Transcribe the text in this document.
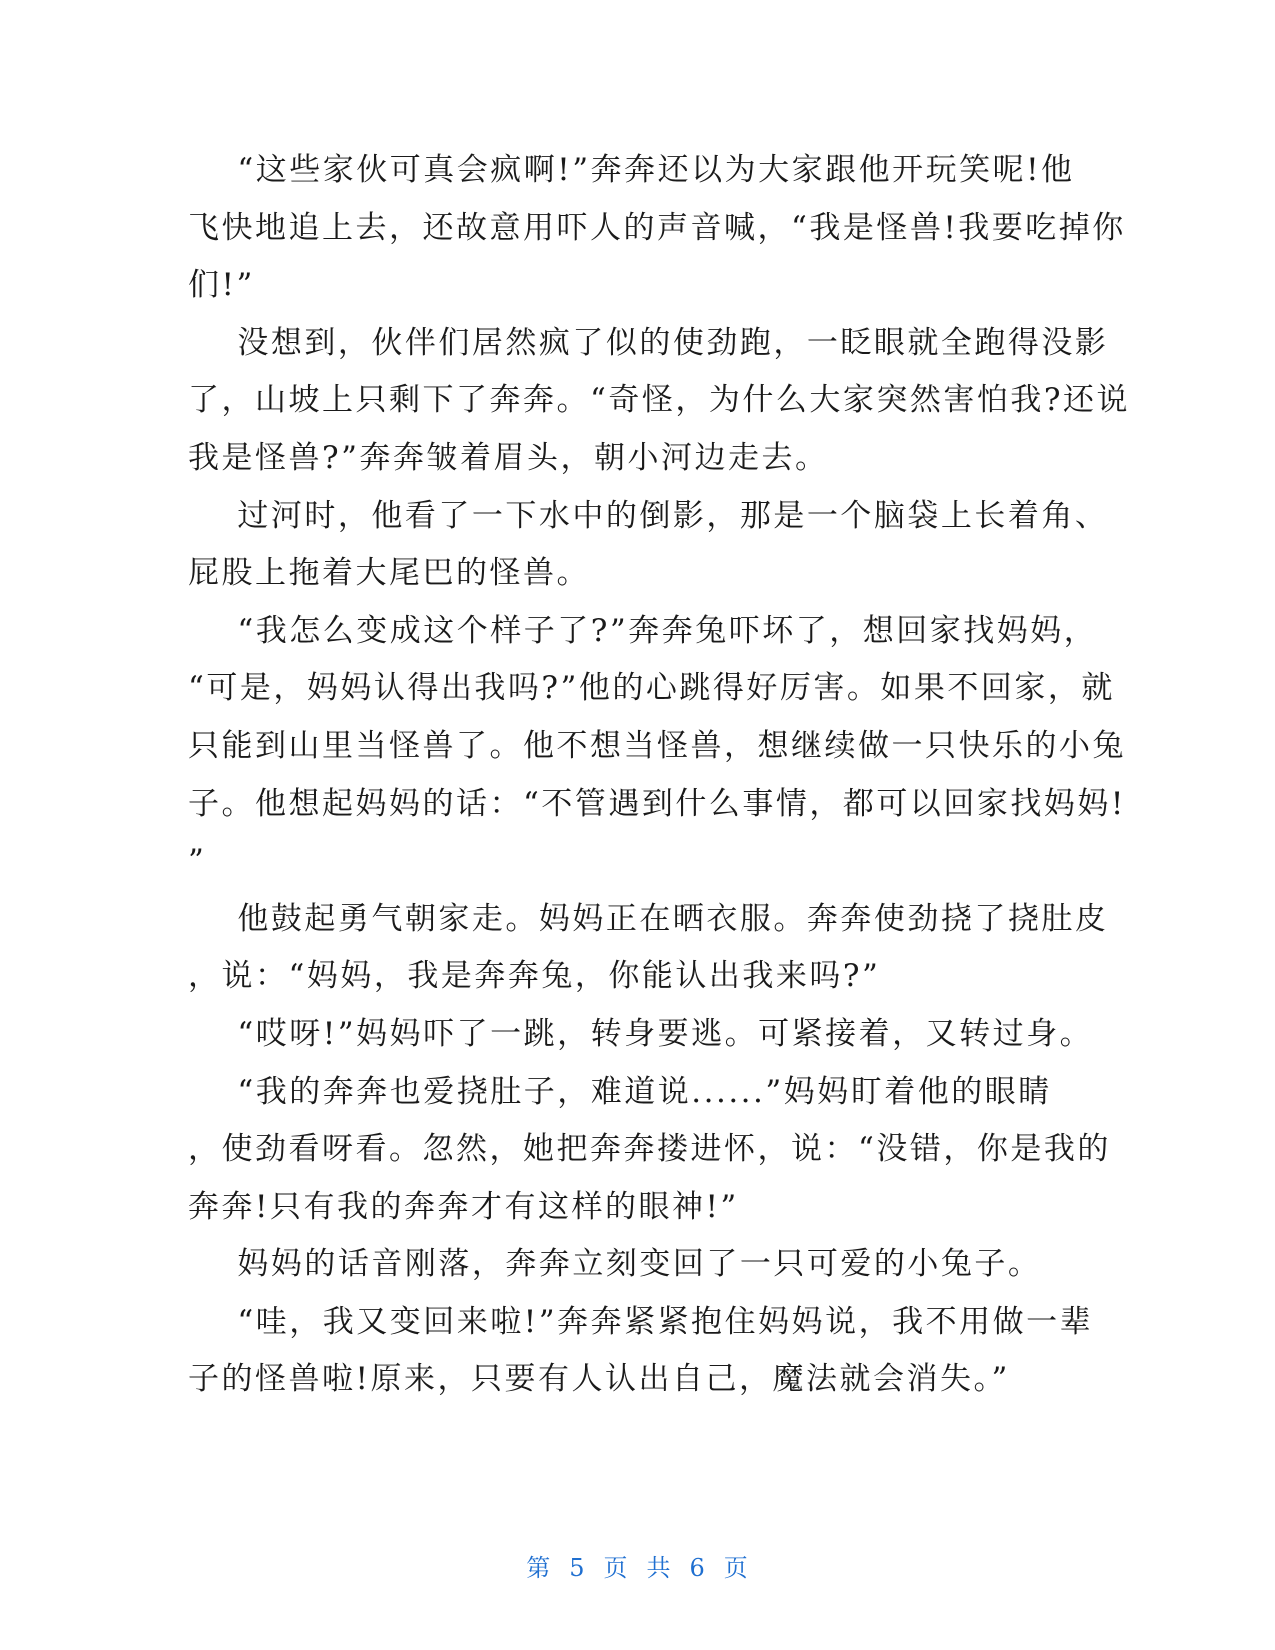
“这些家伙可真会疯啊!”奔奔还以为大家跟他开玩笑呢!他
飞快地追上去，还故意用吓人的声音喊，“我是怪兽!我要吃掉你
们!”
没想到，伙伴们居然疯了似的使劲跑，一眨眼就全跑得没影
了，山坡上只剩下了奔奔。“奇怪，为什么大家突然害怕我?还说
我是怪兽?”奔奔皱着眉头，朝小河边走去。
过河时，他看了一下水中的倒影，那是一个脑袋上长着角、
屁股上拖着大尾巴的怪兽。
“我怎么变成这个样子了?”奔奔兔吓坏了，想回家找妈妈，
“可是，妈妈认得出我吗?”他的心跳得好厉害。如果不回家，就
只能到山里当怪兽了。他不想当怪兽，想继续做一只快乐的小兔
子。他想起妈妈的话：“不管遇到什么事情，都可以回家找妈妈!
”
他鼓起勇气朝家走。妈妈正在晒衣服。奔奔使劲挠了挠肚皮
，说：“妈妈，我是奔奔兔，你能认出我来吗?”
“哎呀!”妈妈吓了一跳，转身要逃。可紧接着，又转过身。
“我的奔奔也爱挠肚子，难道说......”妈妈盯着他的眼睛
，使劲看呀看。忽然，她把奔奔搂进怀，说：“没错，你是我的
奔奔!只有我的奔奔才有这样的眼神!”
妈妈的话音刚落，奔奔立刻变回了一只可爱的小兔子。
“哇，我又变回来啦!”奔奔紧紧抱住妈妈说，我不用做一辈
子的怪兽啦!原来，只要有人认出自己，魔法就会消失。”
第 5 页 共 6 页
